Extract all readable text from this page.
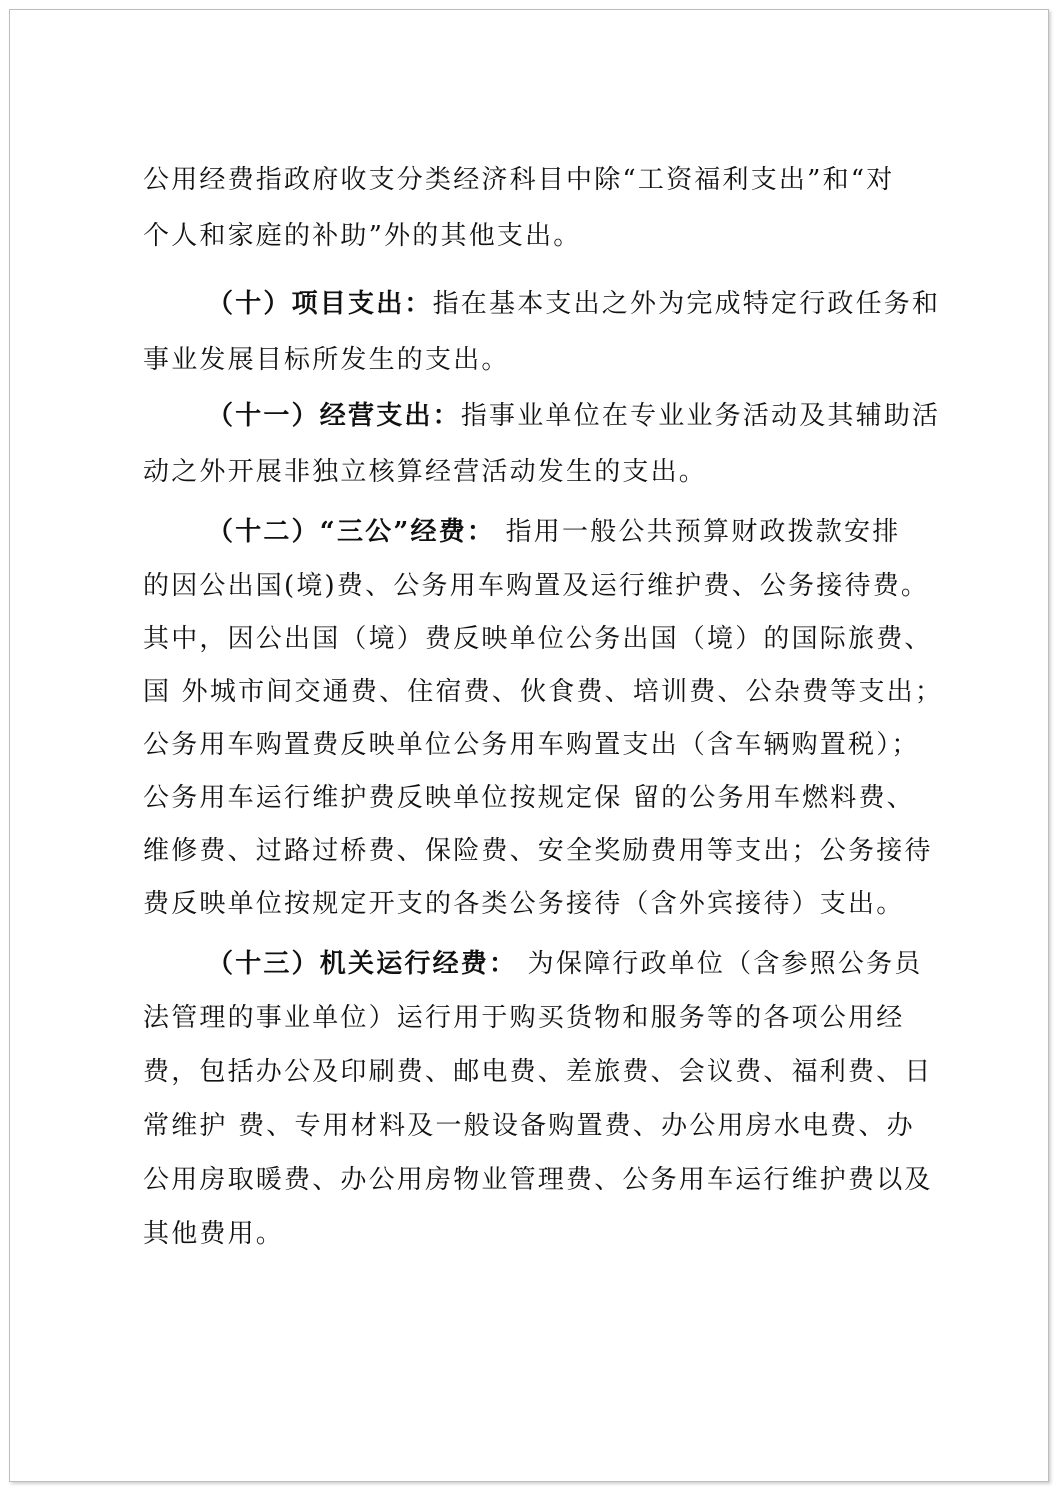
公用经费指政府收支分类经济科目中除“工资福利支出”和“对
个人和家庭的补助”外的其他支出。
（十）项目支出：指在基本支出之外为完成特定行政任务和
事业发展目标所发生的支出。
（十一）经营支出：指事业单位在专业业务活动及其辅助活
动之外开展非独立核算经营活动发生的支出。
（十二）“三公”经费： 指用一般公共预算财政拨款安排
的因公出国(境)费、公务用车购置及运行维护费、公务接待费。
其中，因公出国（境）费反映单位公务出国（境）的国际旅费、
国 外城市间交通费、住宿费、伙食费、培训费、公杂费等支出；
公务用车购置费反映单位公务用车购置支出（含车辆购置税）；
公务用车运行维护费反映单位按规定保 留的公务用车燃料费、
维修费、过路过桥费、保险费、安全奖励费用等支出；公务接待
费反映单位按规定开支的各类公务接待（含外宾接待）支出。
（十三）机关运行经费： 为保障行政单位（含参照公务员
法管理的事业单位）运行用于购买货物和服务等的各项公用经
费，包括办公及印刷费、邮电费、差旅费、会议费、福利费、日
常维护 费、专用材料及一般设备购置费、办公用房水电费、办
公用房取暖费、办公用房物业管理费、公务用车运行维护费以及
其他费用。
